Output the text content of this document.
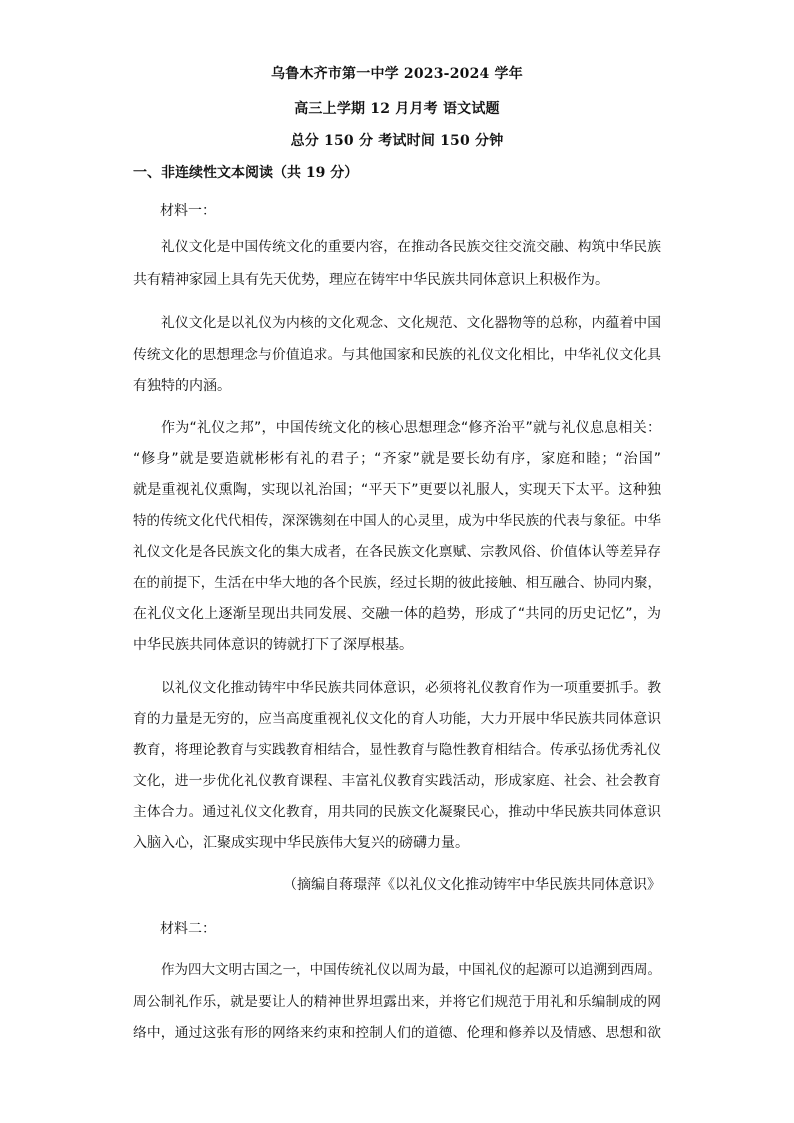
乌鲁木齐市第一中学 2023-2024 学年
高三上学期 12 月月考 语文试题
总分 150 分 考试时间 150 分钟
一、非连续性文本阅读（共 19 分）
材料一：
礼仪文化是中国传统文化的重要内容，在推动各民族交往交流交融、构筑中华民族
共有精神家园上具有先天优势，理应在铸牢中华民族共同体意识上积极作为。
礼仪文化是以礼仪为内核的文化观念、文化规范、文化器物等的总称，内蕴着中国
传统文化的思想理念与价值追求。与其他国家和民族的礼仪文化相比，中华礼仪文化具
有独特的内涵。
作为“礼仪之邦”，中国传统文化的核心思想理念“修齐治平”就与礼仪息息相关：
“修身”就是要造就彬彬有礼的君子；“齐家”就是要长幼有序，家庭和睦；“治国”
就是重视礼仪熏陶，实现以礼治国；“平天下”更要以礼服人，实现天下太平。这种独
特的传统文化代代相传，深深镌刻在中国人的心灵里，成为中华民族的代表与象征。中华
礼仪文化是各民族文化的集大成者，在各民族文化禀赋、宗教风俗、价值体认等差异存
在的前提下，生活在中华大地的各个民族，经过长期的彼此接触、相互融合、协同内聚，
在礼仪文化上逐渐呈现出共同发展、交融一体的趋势，形成了“共同的历史记忆”，为
中华民族共同体意识的铸就打下了深厚根基。
以礼仪文化推动铸牢中华民族共同体意识，必须将礼仪教育作为一项重要抓手。教
育的力量是无穷的，应当高度重视礼仪文化的育人功能，大力开展中华民族共同体意识
教育，将理论教育与实践教育相结合，显性教育与隐性教育相结合。传承弘扬优秀礼仪
文化，进一步优化礼仪教育课程、丰富礼仪教育实践活动，形成家庭、社会、社会教育
主体合力。通过礼仪文化教育，用共同的民族文化凝聚民心，推动中华民族共同体意识
入脑入心，汇聚成实现中华民族伟大复兴的磅礴力量。
（摘编自蒋璟萍《以礼仪文化推动铸牢中华民族共同体意识》
材料二：
作为四大文明古国之一，中国传统礼仪以周为最，中国礼仪的起源可以追溯到西周。
周公制礼作乐，就是要让人的精神世界坦露出来，并将它们规范于用礼和乐编制成的网
络中，通过这张有形的网络来约束和控制人们的道德、伦理和修养以及情感、思想和欲
